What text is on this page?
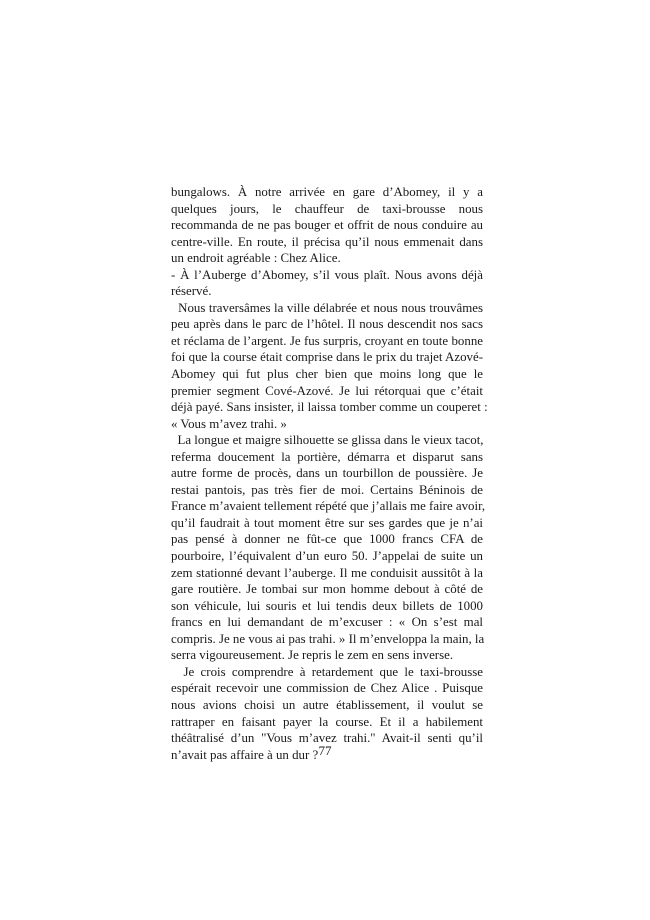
bungalows. À notre arrivée en gare d’Abomey, il y a
quelques jours, le chauffeur de taxi-brousse nous
recommanda de ne pas bouger et offrit de nous conduire au
centre-ville. En route, il précisa qu’il nous emmenait dans
un endroit agréable : Chez Alice.
- À l’Auberge d’Abomey, s’il vous plaît. Nous avons déjà
réservé.
Nous traversâmes la ville délabrée et nous nous trouvâmes
peu après dans le parc de l’hôtel. Il nous descendit nos sacs
et réclama de l’argent. Je fus surpris, croyant en toute bonne
foi que la course était comprise dans le prix du trajet Azové-
Abomey qui fut plus cher bien que moins long que le
premier segment Cové-Azové. Je lui rétorquai que c’était
déjà payé. Sans insister, il laissa tomber comme un couperet :
« Vous m’avez trahi. »
La longue et maigre silhouette se glissa dans le vieux tacot,
referma doucement la portière, démarra et disparut sans
autre forme de procès, dans un tourbillon de poussière. Je
restai pantois, pas très fier de moi. Certains Béninois de
France m’avaient tellement répété que j’allais me faire avoir,
qu’il faudrait à tout moment être sur ses gardes que je n’ai
pas pensé à donner ne fût-ce que 1000 francs CFA de
pourboire, l’équivalent d’un euro 50. J’appelai de suite un
zem stationné devant l’auberge. Il me conduisit aussitôt à la
gare routière. Je tombai sur mon homme debout à côté de
son véhicule, lui souris et lui tendis deux billets de 1000
francs en lui demandant de m’excuser : « On s’est mal
compris. Je ne vous ai pas trahi. » Il m’enveloppa la main, la
serra vigoureusement. Je repris le zem en sens inverse.
Je crois comprendre à retardement que le taxi-brousse
espérait recevoir une commission de Chez Alice . Puisque
nous avions choisi un autre établissement, il voulut se
rattraper en faisant payer la course. Et il a habilement
théâtralisé d’un "Vous m’avez trahi." Avait-il senti qu’il
n’avait pas affaire à un dur ? 77
